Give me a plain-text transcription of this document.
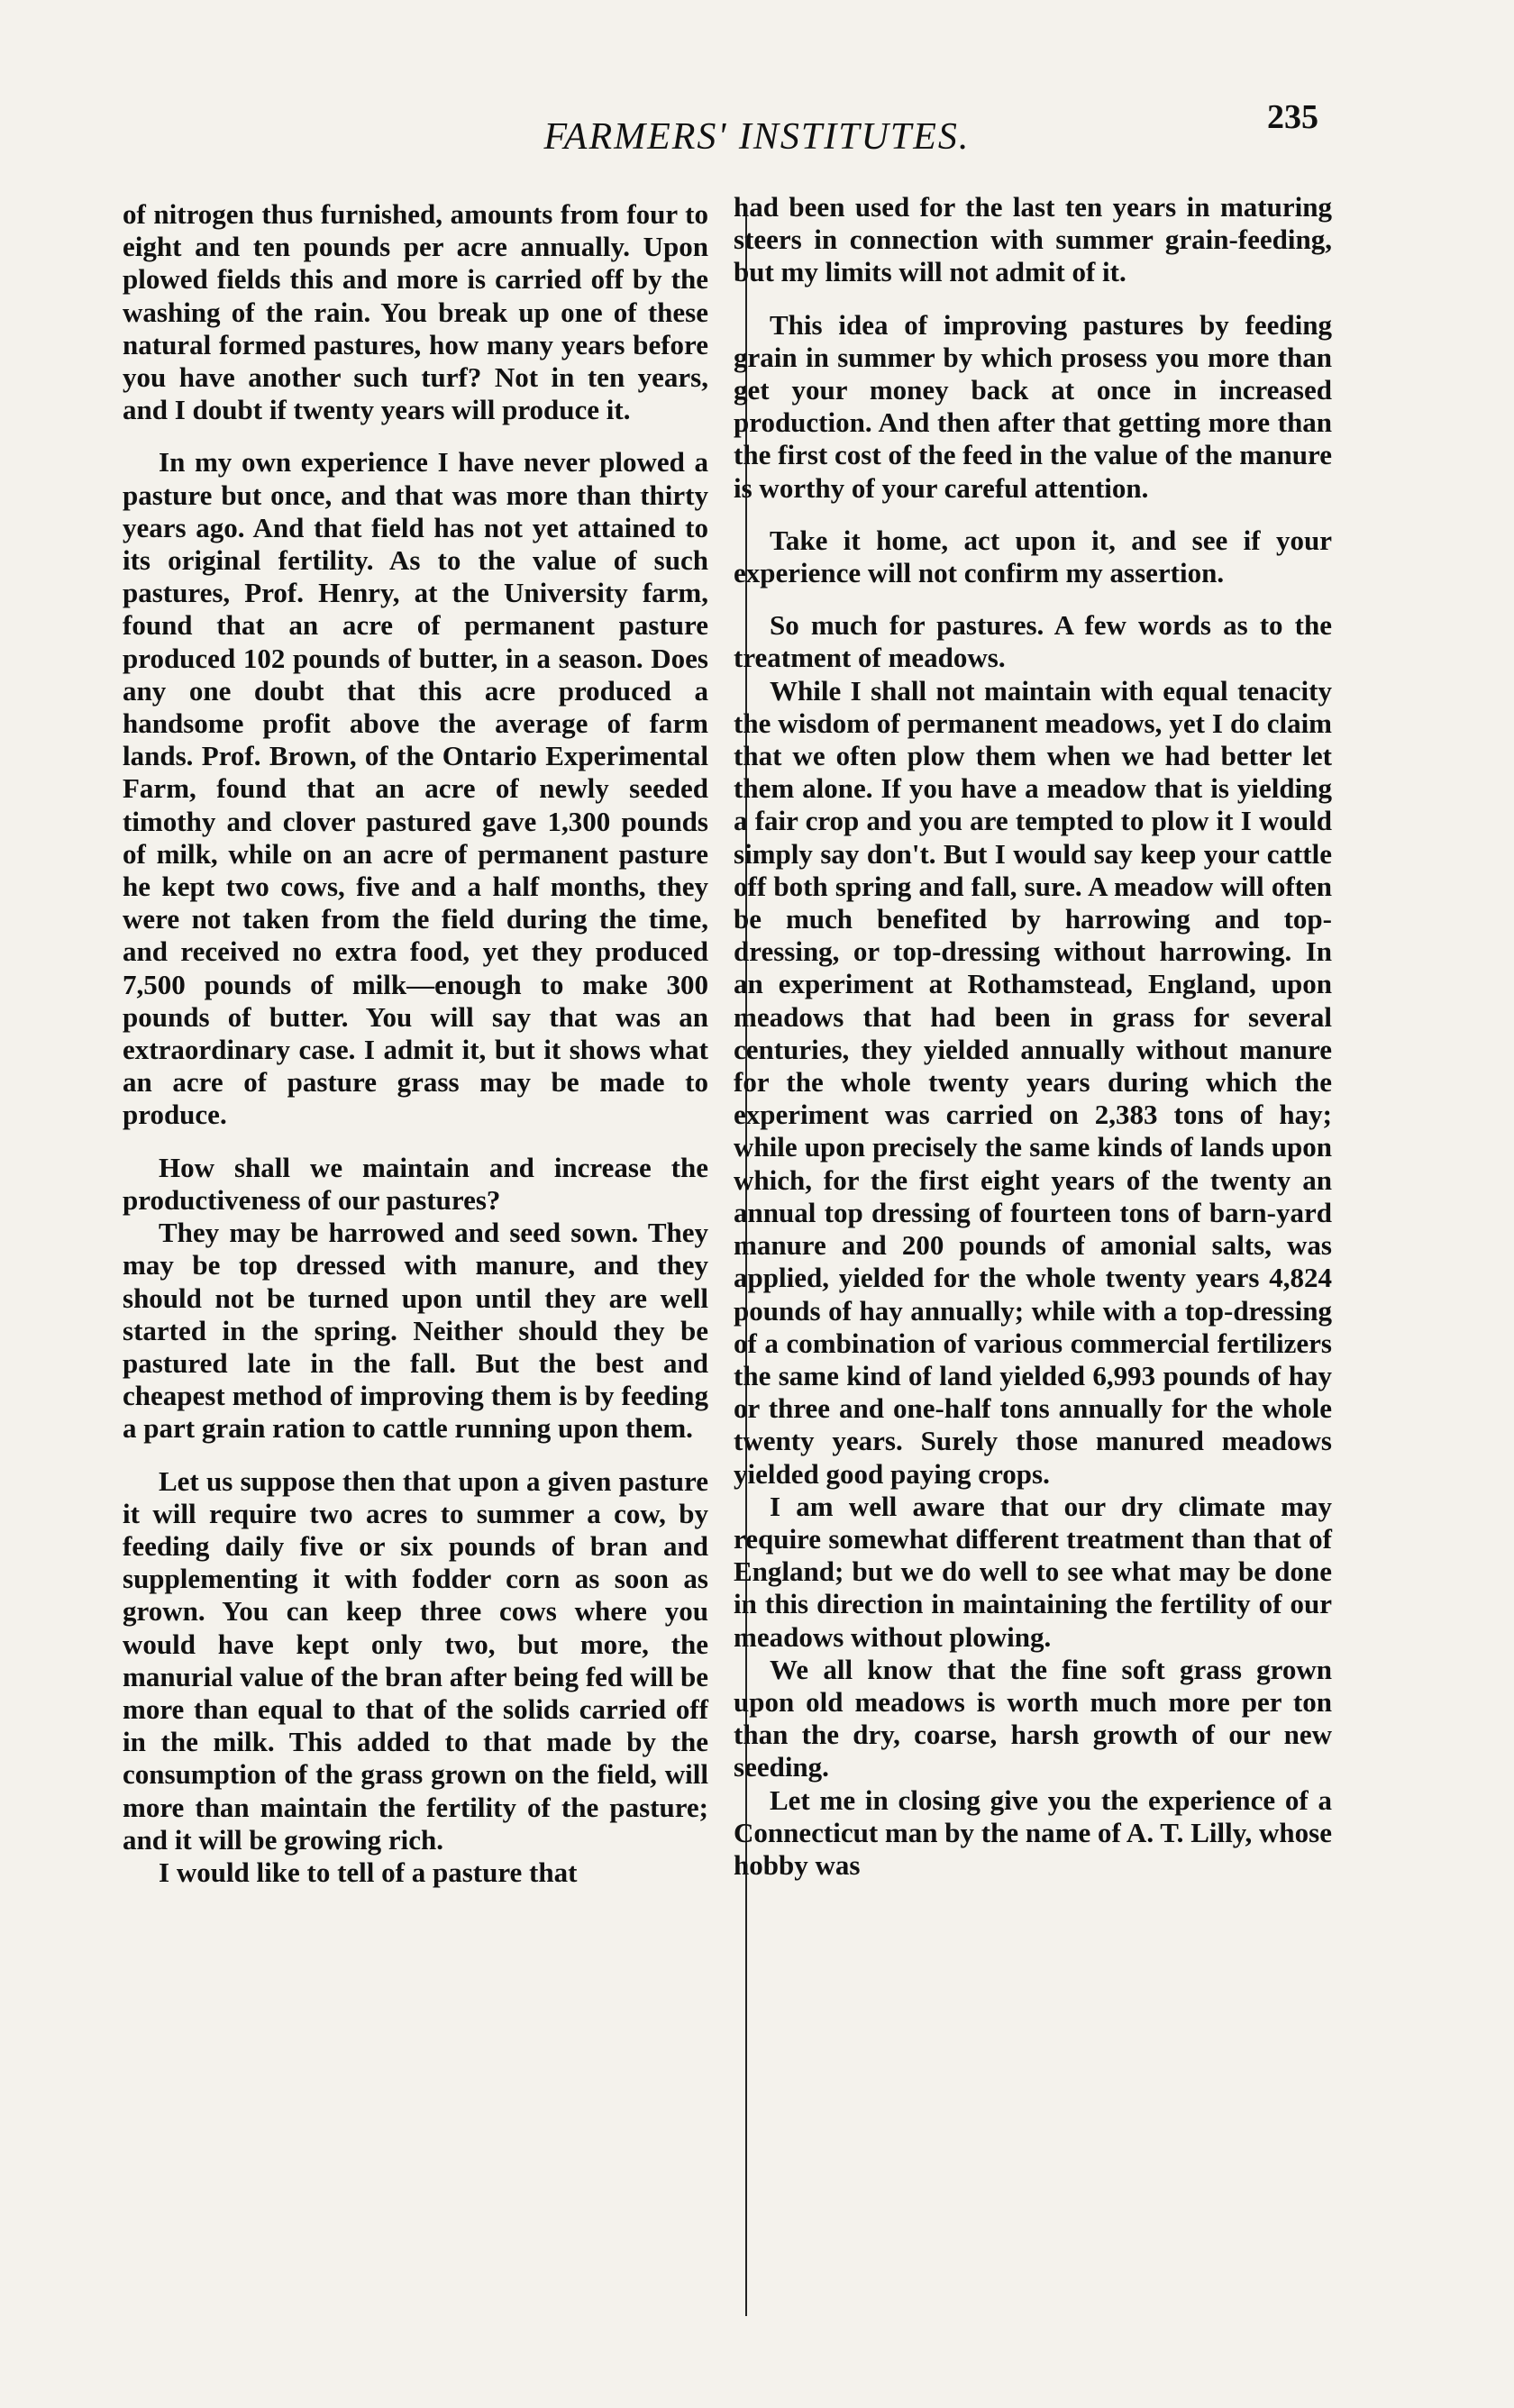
FARMERS' INSTITUTES.	235

of nitrogen thus furnished, amounts from four to eight and ten pounds per acre annually. Upon plowed fields this and more is carried off by the washing of the rain. You break up one of these natural formed pastures, how many years before you have another such turf? Not in ten years, and I doubt if twenty years will produce it.

In my own experience I have never plowed a pasture but once, and that was more than thirty years ago. And that field has not yet attained to its original fertility. As to the value of such pastures, Prof. Henry, at the University farm, found that an acre of permanent pasture produced 102 pounds of butter, in a season. Does any one doubt that this acre produced a handsome profit above the average of farm lands. Prof. Brown, of the Ontario Experimental Farm, found that an acre of newly seeded timothy and clover pastured gave 1,300 pounds of milk, while on an acre of permanent pasture he kept two cows, five and a half months, they were not taken from the field during the time, and received no extra food, yet they produced 7,500 pounds of milk—enough to make 300 pounds of butter. You will say that was an extraordinary case. I admit it, but it shows what an acre of pasture grass may be made to produce.

How shall we maintain and increase the productiveness of our pastures?

They may be harrowed and seed sown. They may be top dressed with manure, and they should not be turned upon until they are well started in the spring. Neither should they be pastured late in the fall. But the best and cheapest method of improving them is by feeding a part grain ration to cattle running upon them.

Let us suppose then that upon a given pasture it will require two acres to summer a cow, by feeding daily five or six pounds of bran and supplementing it with fodder corn as soon as grown. You can keep three cows where you would have kept only two, but more, the manurial value of the bran after being fed will be more than equal to that of the solids carried off in the milk. This added to that made by the consumption of the grass grown on the field, will more than maintain the fertility of the pasture; and it will be growing rich.

I would like to tell of a pasture that

had been used for the last ten years in maturing steers in connection with summer grain-feeding, but my limits will not admit of it.

This idea of improving pastures by feeding grain in summer by which prosess you more than get your money back at once in increased production. And then after that getting more than the first cost of the feed in the value of the manure is worthy of your careful attention.

Take it home, act upon it, and see if your experience will not confirm my assertion.

So much for pastures. A few words as to the treatment of meadows.

While I shall not maintain with equal tenacity the wisdom of permanent meadows, yet I do claim that we often plow them when we had better let them alone. If you have a meadow that is yielding a fair crop and you are tempted to plow it I would simply say don't. But I would say keep your cattle off both spring and fall, sure. A meadow will often be much benefited by harrowing and top-dressing, or top-dressing without harrowing. In an experiment at Rothamstead, England, upon meadows that had been in grass for several centuries, they yielded annually without manure for the whole twenty years during which the experiment was carried on 2,383 tons of hay; while upon precisely the same kinds of lands upon which, for the first eight years of the twenty an annual top dressing of fourteen tons of barn-yard manure and 200 pounds of amonial salts, was applied, yielded for the whole twenty years 4,824 pounds of hay annually; while with a top-dressing of a combination of various commercial fertilizers the same kind of land yielded 6,993 pounds of hay or three and one-half tons annually for the whole twenty years. Surely those manured meadows yielded good paying crops.

I am well aware that our dry climate may require somewhat different treatment than that of England; but we do well to see what may be done in this direction in maintaining the fertility of our meadows without plowing.

We all know that the fine soft grass grown upon old meadows is worth much more per ton than the dry, coarse, harsh growth of our new seeding.

Let me in closing give you the experience of a Connecticut man by the name of A. T. Lilly, whose hobby was
